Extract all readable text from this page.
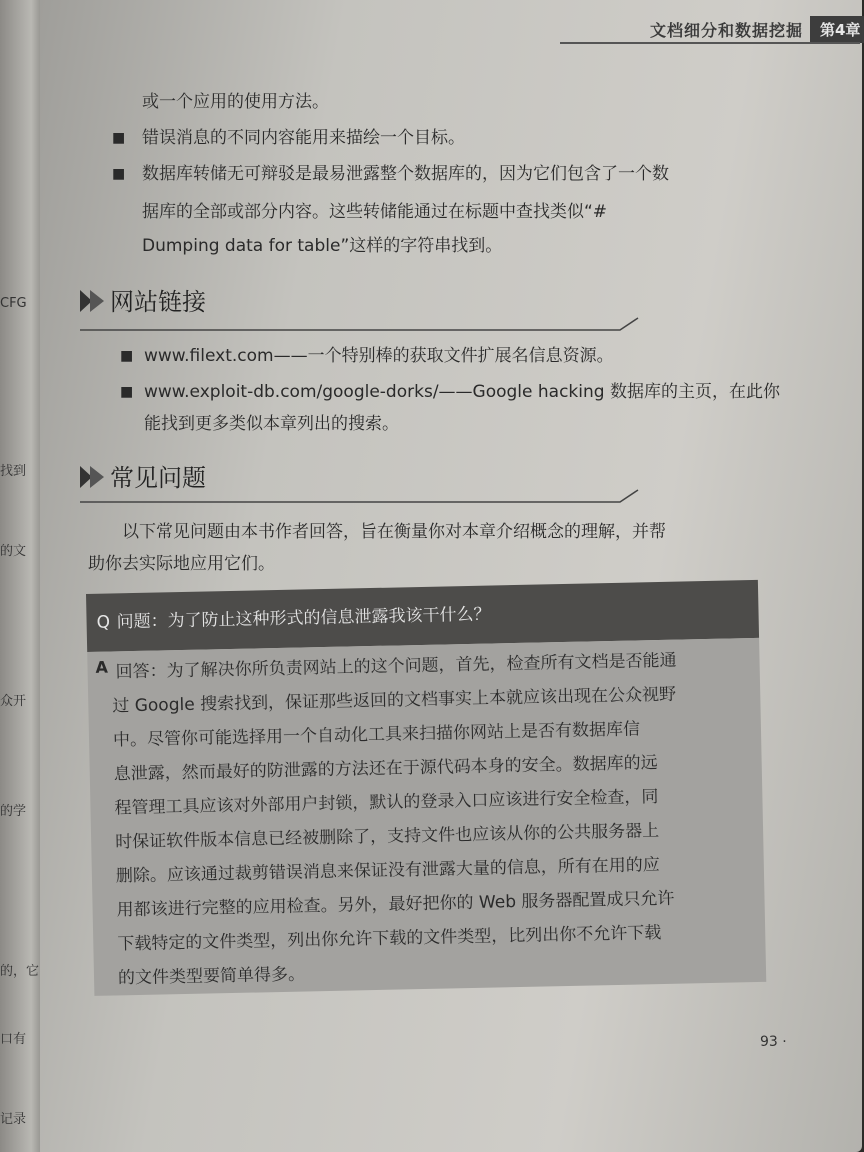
CFG
找到
的文
众开
的学
的，它
口有
记录
文档细分和数据挖掘	第4章
或一个应用的使用方法。
■ 错误消息的不同内容能用来描绘一个目标。
■ 数据库转储无可辩驳是最易泄露整个数据库的，因为它们包含了一个数
据库的全部或部分内容。这些转储能通过在标题中查找类似“#
Dumping data for table”这样的字符串找到。
网站链接
■ www.filext.com——一个特别棒的获取文件扩展名信息资源。
■ www.exploit-db.com/google-dorks/——Google hacking 数据库的主页，在此你
能找到更多类似本章列出的搜索。
常见问题
以下常见问题由本书作者回答，旨在衡量你对本章介绍概念的理解，并帮
助你去实际地应用它们。
Q 问题：为了防止这种形式的信息泄露我该干什么？
A 回答：为了解决你所负责网站上的这个问题，首先，检查所有文档是否能通
过 Google 搜索找到，保证那些返回的文档事实上本就应该出现在公众视野
中。尽管你可能选择用一个自动化工具来扫描你网站上是否有数据库信
息泄露，然而最好的防泄露的方法还在于源代码本身的安全。数据库的远
程管理工具应该对外部用户封锁，默认的登录入口应该进行安全检查，同
时保证软件版本信息已经被删除了，支持文件也应该从你的公共服务器上
删除。应该通过裁剪错误消息来保证没有泄露大量的信息，所有在用的应
用都该进行完整的应用检查。另外，最好把你的 Web 服务器配置成只允许
下载特定的文件类型，列出你允许下载的文件类型，比列出你不允许下载
的文件类型要简单得多。
93 ·
